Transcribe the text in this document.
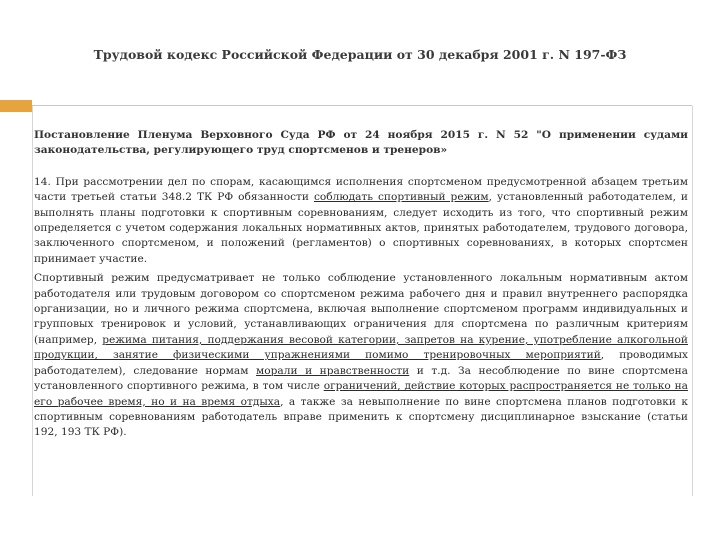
Трудовой кодекс Российской Федерации от 30 декабря 2001 г. N 197-ФЗ

Постановление Пленума Верховного Суда РФ от 24 ноября 2015 г. N 52 "О применении судами законодательства, регулирующего труд спортсменов и тренеров»

14. При рассмотрении дел по спорам, касающимся исполнения спортсменом предусмотренной абзацем третьим части третьей статьи 348.2 ТК РФ обязанности соблюдать спортивный режим, установленный работодателем, и выполнять планы подготовки к спортивным соревнованиям, следует исходить из того, что спортивный режим определяется с учетом содержания локальных нормативных актов, принятых работодателем, трудового договора, заключенного спортсменом, и положений (регламентов) о спортивных соревнованиях, в которых спортсмен принимает участие.

Спортивный режим предусматривает не только соблюдение установленного локальным нормативным актом работодателя или трудовым договором со спортсменом режима рабочего дня и правил внутреннего распорядка организации, но и личного режима спортсмена, включая выполнение спортсменом программ индивидуальных и групповых тренировок и условий, устанавливающих ограничения для спортсмена по различным критериям (например, режима питания, поддержания весовой категории, запретов на курение, употребление алкогольной продукции, занятие физическими упражнениями помимо тренировочных мероприятий, проводимых работодателем), следование нормам морали и нравственности и т.д. За несоблюдение по вине спортсмена установленного спортивного режима, в том числе ограничений, действие которых распространяется не только на его рабочее время, но и на время отдыха, а также за невыполнение по вине спортсмена планов подготовки к спортивным соревнованиям работодатель вправе применить к спортсмену дисциплинарное взыскание (статьи 192, 193 ТК РФ).
